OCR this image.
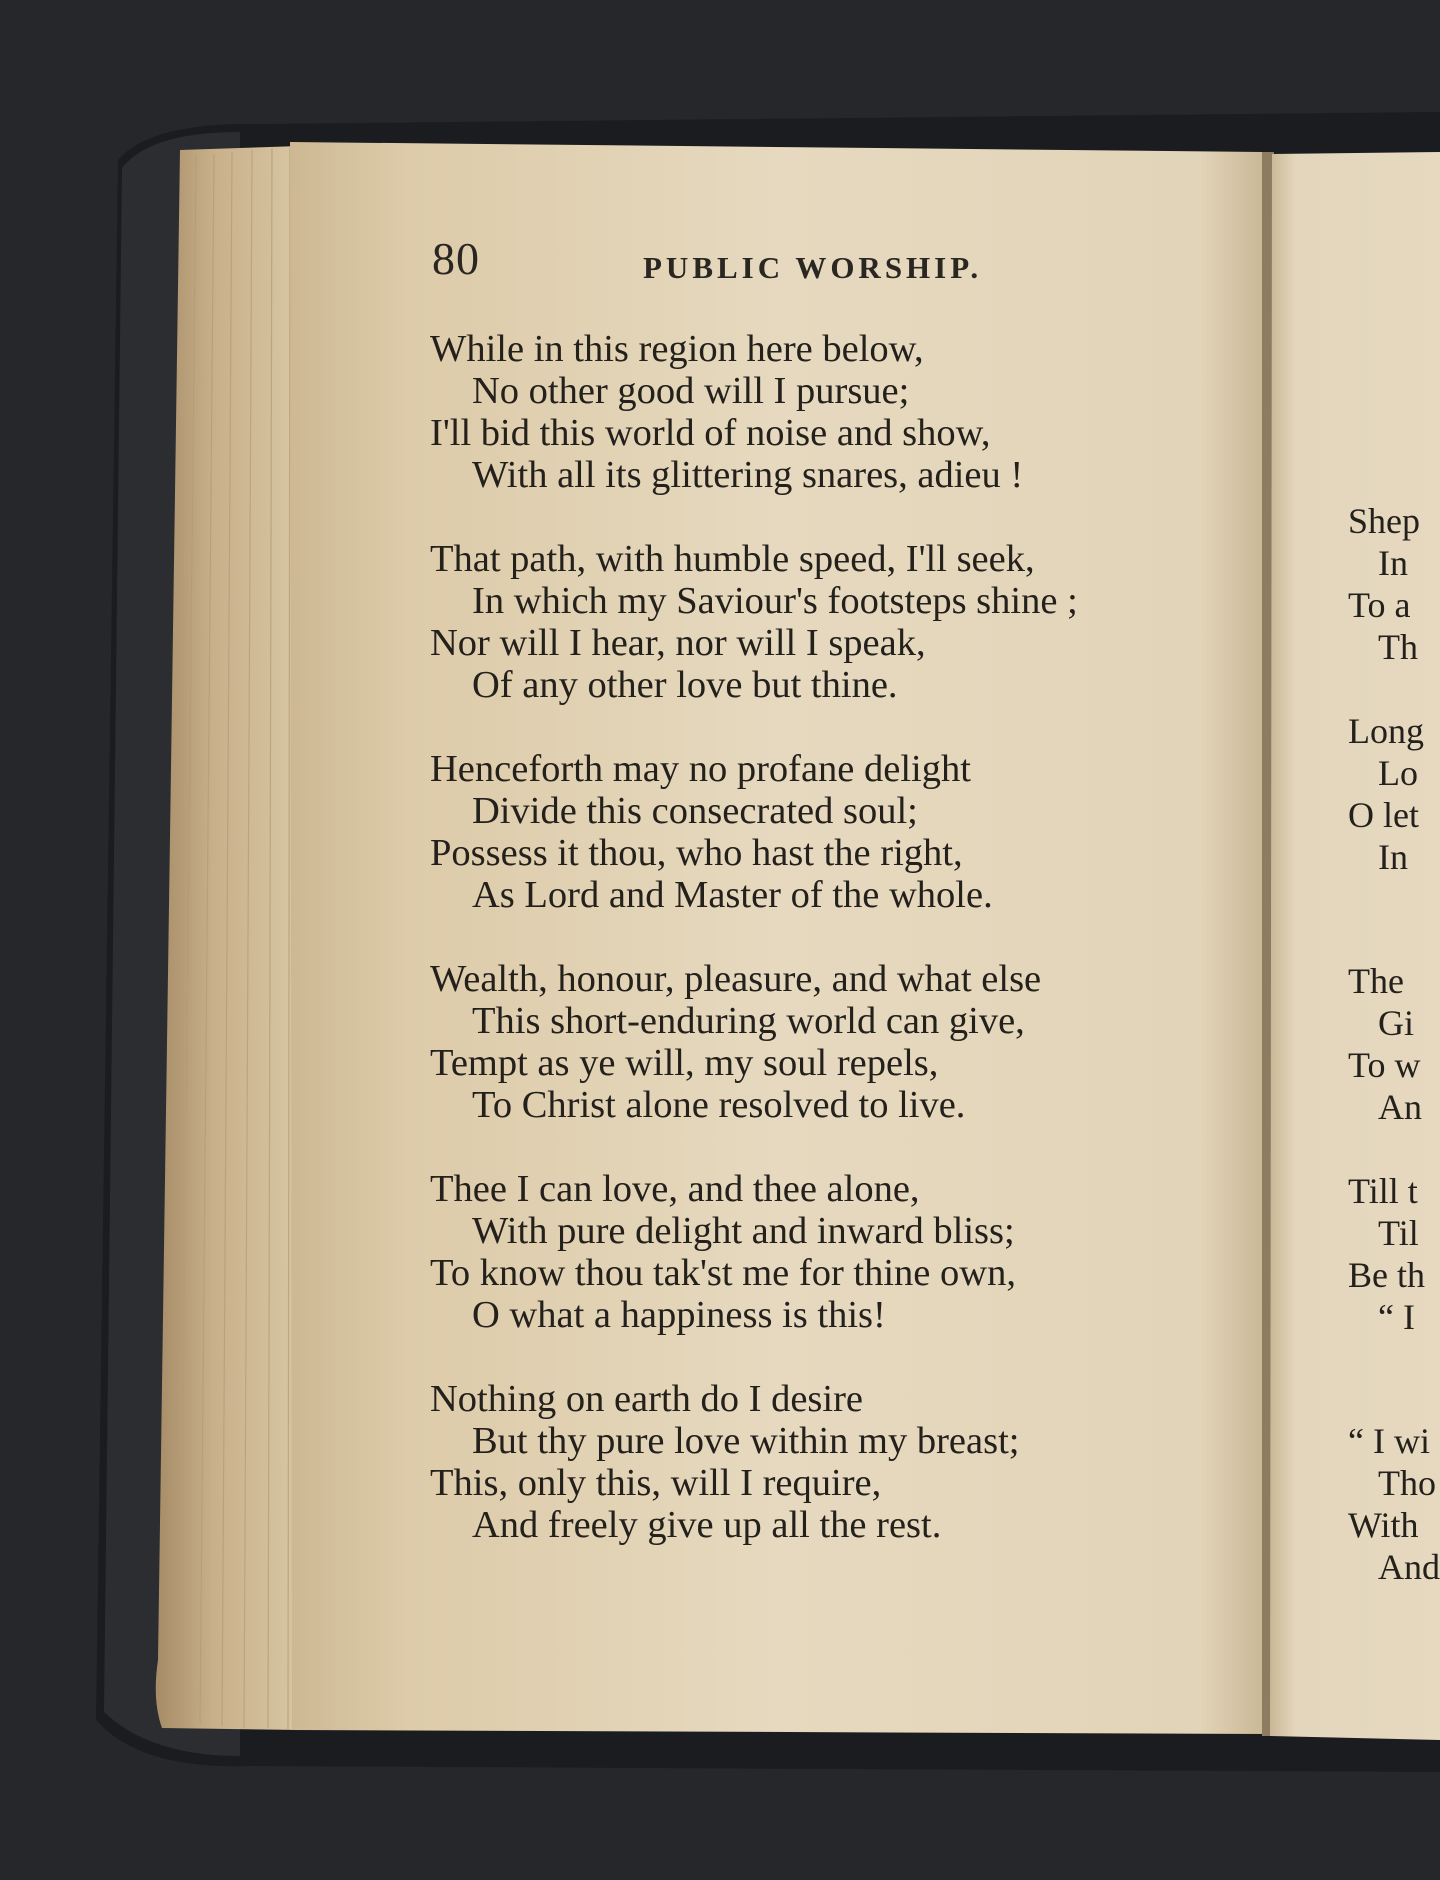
80	PUBLIC WORSHIP.
While in this region here below,
No other good will I pursue;
I'll bid this world of noise and show,
With all its glittering snares, adieu !
That path, with humble speed, I'll seek,
In which my Saviour's footsteps shine ;
Nor will I hear, nor will I speak,
Of any other love but thine.
Henceforth may no profane delight
Divide this consecrated soul;
Possess it thou, who hast the right,
As Lord and Master of the whole.
Wealth, honour, pleasure, and what else
This short-enduring world can give,
Tempt as ye will, my soul repels,
To Christ alone resolved to live.
Thee I can love, and thee alone,
With pure delight and inward bliss;
To know thou tak'st me for thine own,
O what a happiness is this!
Nothing on earth do I desire
But thy pure love within my breast;
This, only this, will I require,
And freely give up all the rest.
Shep
In
To a
Th
Long
Lo
O let
In
The
Gi
To w
An
Till t
Til
Be th
“ I
“ I wi
Tho
With
And
